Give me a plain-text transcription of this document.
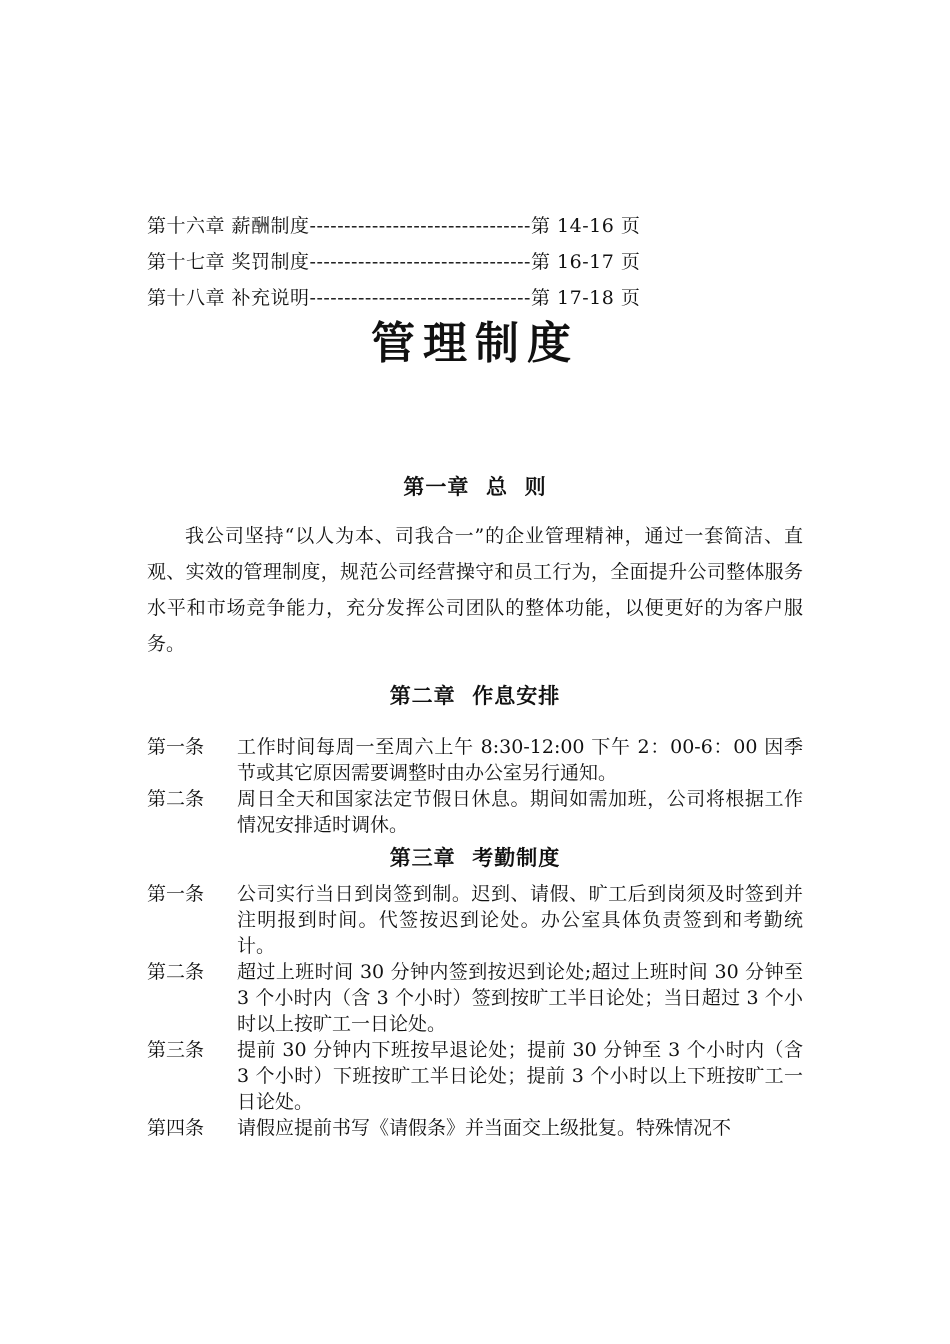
第十六章 薪酬制度--------------------------------第 14-16 页
第十七章 奖罚制度--------------------------------第 16-17 页
第十八章 补充说明--------------------------------第 17-18 页
管理制度
第一章  总  则

我公司坚持“以人为本、司我合一”的企业管理精神，通过一套简洁、直观、实效的管理制度，规范公司经营操守和员工行为，全面提升公司整体服务水平和市场竞争能力，充分发挥公司团队的整体功能，以便更好的为客户服务。

第二章  作息安排
第一条	工作时间每周一至周六上午 8:30-12:00 下午 2：00-6：00 因季节或其它原因需要调整时由办公室另行通知。
第二条	周日全天和国家法定节假日休息。期间如需加班，公司将根据工作情况安排适时调休。
第三章  考勤制度
第一条	公司实行当日到岗签到制。迟到、请假、旷工后到岗须及时签到并注明报到时间。代签按迟到论处。办公室具体负责签到和考勤统计。
第二条	超过上班时间 30 分钟内签到按迟到论处;超过上班时间 30 分钟至 3 个小时内（含 3 个小时）签到按旷工半日论处；当日超过 3 个小时以上按旷工一日论处。
第三条	提前 30 分钟内下班按早退论处；提前 30 分钟至 3 个小时内（含 3 个小时）下班按旷工半日论处；提前 3 个小时以上下班按旷工一日论处。
第四条	请假应提前书写《请假条》并当面交上级批复。特殊情况不
